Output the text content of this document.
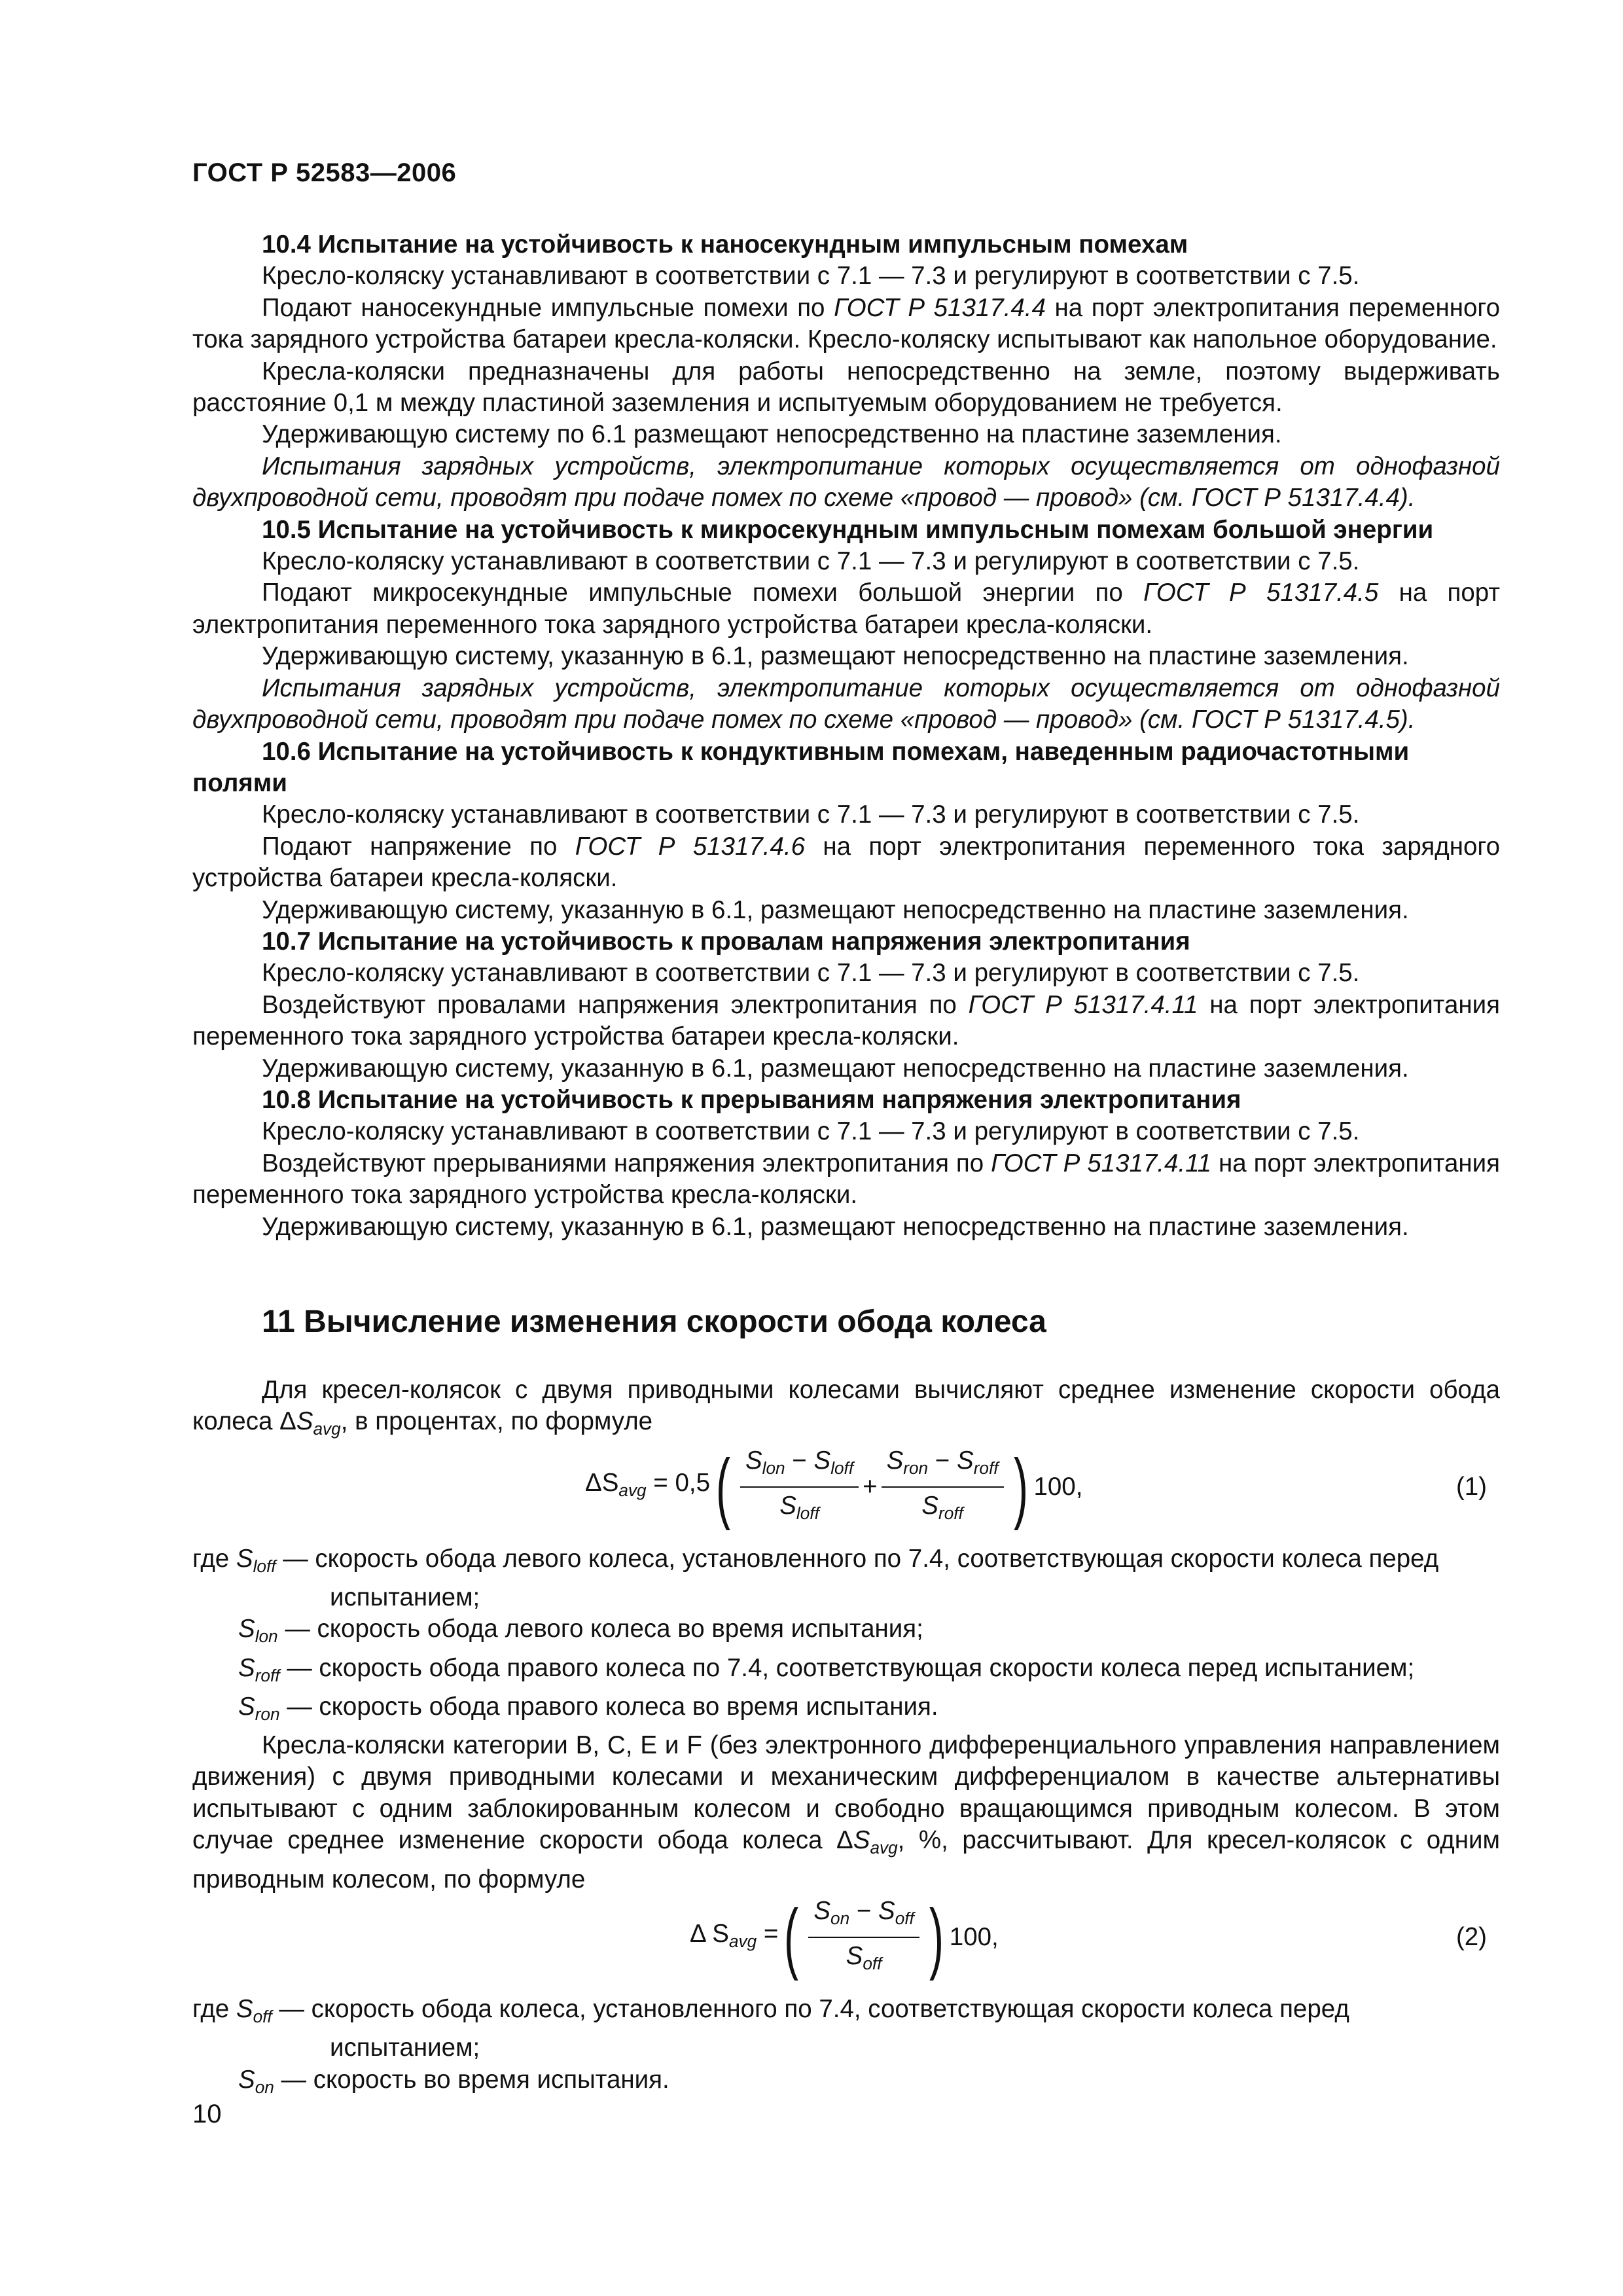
ГОСТ Р 52583—2006

10.4 Испытание на устойчивость к наносекундным импульсным помехам

Кресло-коляску устанавливают в соответствии с 7.1 — 7.3 и регулируют в соответствии с 7.5.

Подают наносекундные импульсные помехи по ГОСТ Р 51317.4.4 на порт электропитания переменного тока зарядного устройства батареи кресла-коляски. Кресло-коляску испытывают как напольное оборудование.

Кресла-коляски предназначены для работы непосредственно на земле, поэтому выдерживать расстояние 0,1 м между пластиной заземления и испытуемым оборудованием не требуется.

Удерживающую систему по 6.1 размещают непосредственно на пластине заземления.

Испытания зарядных устройств, электропитание которых осуществляется от однофазной двухпроводной сети, проводят при подаче помех по схеме «провод — провод» (см. ГОСТ Р 51317.4.4).

10.5 Испытание на устойчивость к микросекундным импульсным помехам большой энергии

Кресло-коляску устанавливают в соответствии с 7.1 — 7.3 и регулируют в соответствии с 7.5.

Подают микросекундные импульсные помехи большой энергии по ГОСТ Р 51317.4.5 на порт электропитания переменного тока зарядного устройства батареи кресла-коляски.

Удерживающую систему, указанную в 6.1, размещают непосредственно на пластине заземления.

Испытания зарядных устройств, электропитание которых осуществляется от однофазной двухпроводной сети, проводят при подаче помех по схеме «провод — провод» (см. ГОСТ Р 51317.4.5).

10.6 Испытание на устойчивость к кондуктивным помехам, наведенным радиочастотными полями

Кресло-коляску устанавливают в соответствии с 7.1 — 7.3 и регулируют в соответствии с 7.5.

Подают напряжение по ГОСТ Р 51317.4.6 на порт электропитания переменного тока зарядного устройства батареи кресла-коляски.

Удерживающую систему, указанную в 6.1, размещают непосредственно на пластине заземления.

10.7 Испытание на устойчивость к провалам напряжения электропитания

Кресло-коляску устанавливают в соответствии с 7.1 — 7.3 и регулируют в соответствии с 7.5.

Воздействуют провалами напряжения электропитания по ГОСТ Р 51317.4.11 на порт электропитания переменного тока зарядного устройства батареи кресла-коляски.

Удерживающую систему, указанную в 6.1, размещают непосредственно на пластине заземления.

10.8 Испытание на устойчивость к прерываниям напряжения электропитания

Кресло-коляску устанавливают в соответствии с 7.1 — 7.3 и регулируют в соответствии с 7.5.

Воздействуют прерываниями напряжения электропитания по ГОСТ Р 51317.4.11 на порт электропитания переменного тока зарядного устройства кресла-коляски.

Удерживающую систему, указанную в 6.1, размещают непосредственно на пластине заземления.

11 Вычисление изменения скорости обода колеса

Для кресел-колясок с двумя приводными колесами вычисляют среднее изменение скорости обода колеса $\Delta S_{avg}$, в процентах, по формуле

$\Delta S_{avg} = 0,5$ ( $\frac{S_{lon} - S_{loff}}{S_{loff}} + \frac{S_{ron} - S_{roff}}{S_{roff}}$ ) 100,	(1)

где $S_{loff}$ — скорость обода левого колеса, установленного по 7.4, соответствующая скорости колеса перед испытанием;

$S_{lon}$ — скорость обода левого колеса во время испытания;

$S_{roff}$ — скорость обода правого колеса по 7.4, соответствующая скорости колеса перед испытанием;

$S_{ron}$ — скорость обода правого колеса во время испытания.

Кресла-коляски категории B, C, E и F (без электронного дифференциального управления направлением движения) с двумя приводными колесами и механическим дифференциалом в качестве альтернативы испытывают с одним заблокированным колесом и свободно вращающимся приводным колесом. В этом случае среднее изменение скорости обода колеса $\Delta S_{avg}$, %, рассчитывают. Для кресел-колясок с одним приводным колесом, по формуле

Δ $S_{avg}$ = ( $\frac{S_{on} - S_{off}}{S_{off}}$ ) 100,	(2)

где $S_{off}$ — скорость обода колеса, установленного по 7.4, соответствующая скорости колеса перед испытанием;

$S_{on}$ — скорость во время испытания.

10
